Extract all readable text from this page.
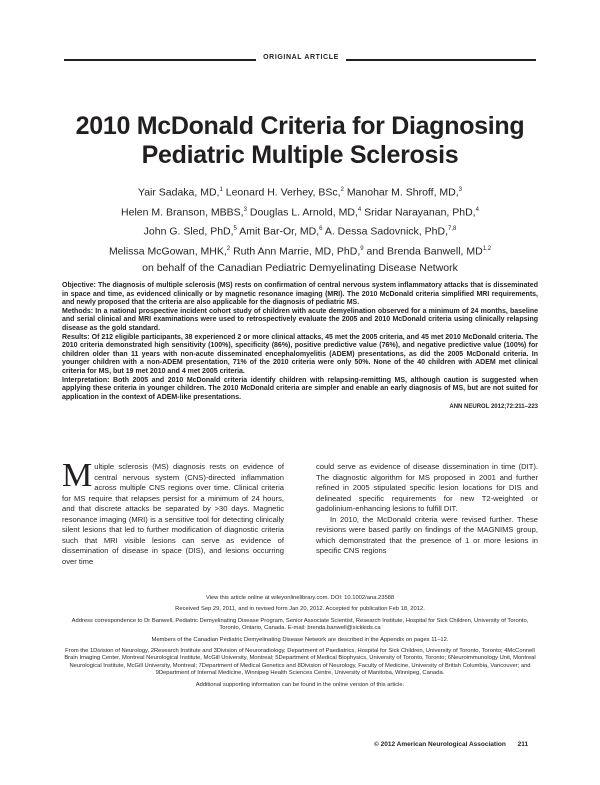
ORIGINAL ARTICLE
2010 McDonald Criteria for Diagnosing
Pediatric Multiple Sclerosis
Yair Sadaka, MD,$^1$ Leonard H. Verhey, BSc,$^2$ Manohar M. Shroff, MD,$^3$
Helen M. Branson, MBBS,$^3$ Douglas L. Arnold, MD,$^4$ Sridar Narayanan, PhD,$^4$
John G. Sled, PhD,$^5$ Amit Bar-Or, MD,$^6$ A. Dessa Sadovnick, PhD,$^{7,8}$
Melissa McGowan, MHK,$^2$ Ruth Ann Marrie, MD, PhD,$^9$ and Brenda Banwell, MD$^{1,2}$
on behalf of the Canadian Pediatric Demyelinating Disease Network

Objective: The diagnosis of multiple sclerosis (MS) rests on confirmation of central nervous system inflammatory attacks that is disseminated in space and time, as evidenced clinically or by magnetic resonance imaging (MRI). The 2010 McDonald criteria simplified MRI requirements, and newly proposed that the criteria are also applicable for the diagnosis of pediatric MS.

Methods: In a national prospective incident cohort study of children with acute demyelination observed for a minimum of 24 months, baseline and serial clinical and MRI examinations were used to retrospectively evaluate the 2005 and 2010 McDonald criteria using clinically relapsing disease as the gold standard.

Results: Of 212 eligible participants, 38 experienced 2 or more clinical attacks, 45 met the 2005 criteria, and 45 met 2010 McDonald criteria. The 2010 criteria demonstrated high sensitivity (100%), specificity (86%), positive predictive value (76%), and negative predictive value (100%) for children older than 11 years with non-acute disseminated encephalomyelitis (ADEM) presentations, as did the 2005 McDonald criteria. In younger children with a non-ADEM presentation, 71% of the 2010 criteria were only 50%. None of the 40 children with ADEM met clinical criteria for MS, but 19 met 2010 and 4 met 2005 criteria.

Interpretation: Both 2005 and 2010 McDonald criteria identify children with relapsing-remitting MS, although caution is suggested when applying these criteria in younger children. The 2010 McDonald criteria are simpler and enable an early diagnosis of MS, but are not suited for application in the context of ADEM-like presentations.

ANN NEUROL 2012;72:211–223

Multiple sclerosis (MS) diagnosis rests on evidence of central nervous system (CNS)-directed inflammation across multiple CNS regions over time. Clinical criteria for MS require that relapses persist for a minimum of 24 hours, and that discrete attacks be separated by >30 days. Magnetic resonance imaging (MRI) is a sensitive tool for detecting clinically silent lesions that led to further modification of diagnostic criteria such that MRI visible lesions can serve as evidence of dissemination of disease in space (DIS), and lesions occurring over time

could serve as evidence of disease dissemination in time (DIT). The diagnostic algorithm for MS proposed in 2001 and further refined in 2005 stipulated specific lesion locations for DIS and delineated specific requirements for new T2-weighted or gadolinium-enhancing lesions to fulfill DIT.

In 2010, the McDonald criteria were revised further. These revisions were based partly on findings of the MAGNIMS group, which demonstrated that the presence of 1 or more lesions in specific CNS regions

View this article online at wileyonlinelibrary.com. DOI: 10.1002/ana.23588

Received Sep 29, 2011, and in revised form Jan 20, 2012. Accepted for publication Feb 18, 2012.

Address correspondence to Dr Banwell, Pediatric Demyelinating Disease Program, Senior Associate Scientist, Research Institute, Hospital for Sick Children, University of Toronto, Toronto, Ontario, Canada. E-mail: brenda.banwell@sickkids.ca

Members of the Canadian Pediatric Demyelinating Disease Network are described in the Appendix on pages 11–12.

From the 1Division of Neurology, 2Research Institute and 3Division of Neuroradiology, Department of Paediatrics, Hospital for Sick Children, University of Toronto, Toronto; 4McConnell Brain Imaging Center, Montreal Neurological Institute, McGill University, Montreal; 5Department of Medical Biophysics, University of Toronto, Toronto; 6Neuroimmunology Unit, Montreal Neurological Institute, McGill University, Montreal; 7Department of Medical Genetics and 8Division of Neurology, Faculty of Medicine, University of British Columbia, Vancouver; and 9Department of Internal Medicine, Winnipeg Health Sciences Centre, University of Manitoba, Winnipeg, Canada.

Additional supporting information can be found in the online version of this article.

© 2012 American Neurological Association 211
